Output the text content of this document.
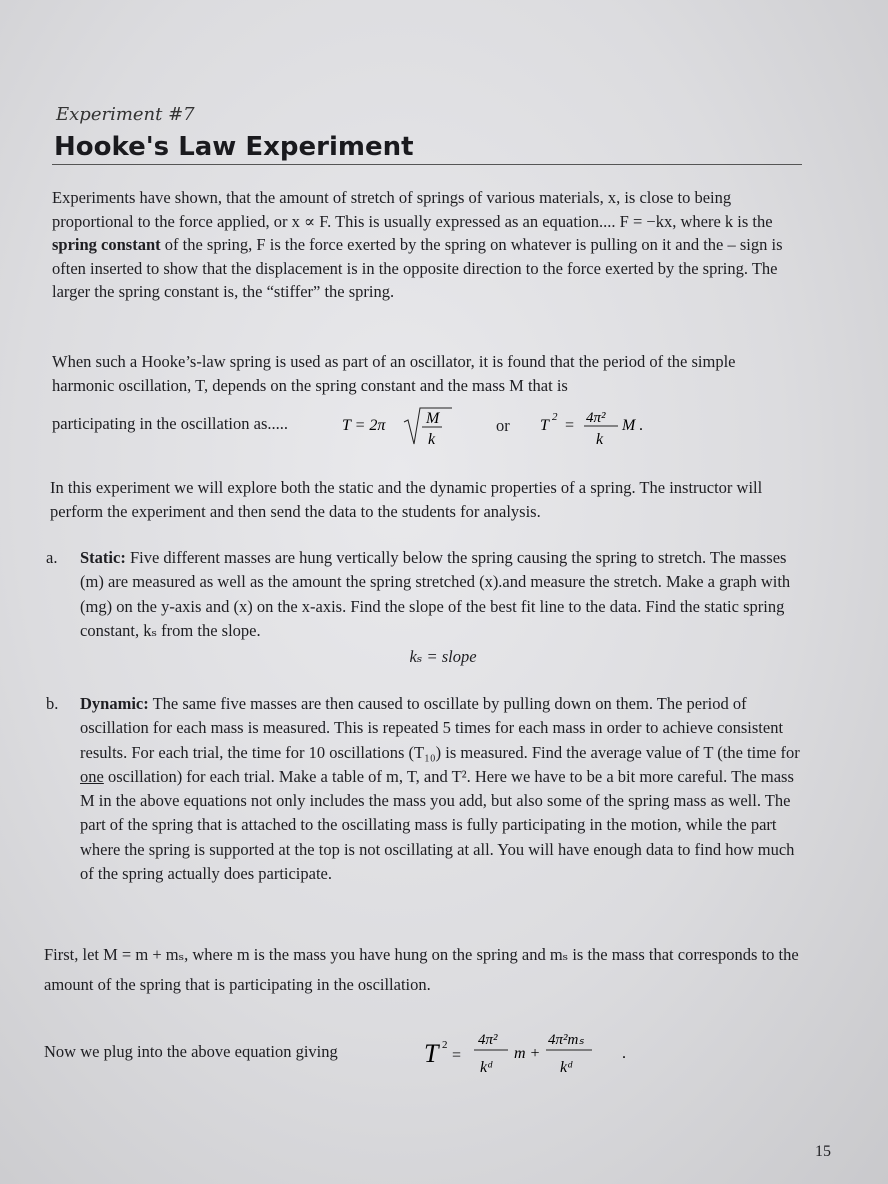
Experiment #7
Hooke's Law Experiment

Experiments have shown, that the amount of stretch of springs of various materials, x, is close to being proportional to the force applied, or x ∝ F. This is usually expressed as an equation.... F = −kx, where k is the spring constant of the spring, F is the force exerted by the spring on whatever is pulling on it and the – sign is often inserted to show that the displacement is in the opposite direction to the force exerted by the spring. The larger the spring constant is, the “stiffer” the spring.

When such a Hooke’s-law spring is used as part of an oscillator, it is found that the period of the simple harmonic oscillation, T, depends on the spring constant and the mass M that is

participating in the oscillation as.....	T = 2π	M
k
or T 2 = 4π²
k
M .

In this experiment we will explore both the static and the dynamic properties of a spring. The instructor will perform the experiment and then send the data to the students for analysis.

a. Static: Five different masses are hung vertically below the spring causing the spring to stretch. The masses (m) are measured as well as the amount the spring stretched (x).and measure the stretch. Make a graph with (mg) on the y-axis and (x) on the x-axis. Find the slope of the best fit line to the data. Find the static spring constant, kₛ from the slope.
kₛ = slope
b. Dynamic: The same five masses are then caused to oscillate by pulling down on them. The period of oscillation for each mass is measured. This is repeated 5 times for each mass in order to achieve consistent results. For each trial, the time for 10 oscillations (T₁₀) is measured. Find the average value of T (the time for one oscillation) for each trial. Make a table of m, T, and T². Here we have to be a bit more careful. The mass M in the above equations not only includes the mass you add, but also some of the spring mass as well. The part of the spring that is attached to the oscillating mass is fully participating in the motion, while the part where the spring is supported at the top is not oscillating at all. You will have enough data to find how much of the spring actually does participate.

First, let M = m + mₛ, where m is the mass you have hung on the spring and mₛ is the mass that corresponds to the amount of the spring that is participating in the oscillation.

Now we plug into the above equation giving	T 2
=
4π²
kᵈ
m +
4π²mₛ
kᵈ
.
15
